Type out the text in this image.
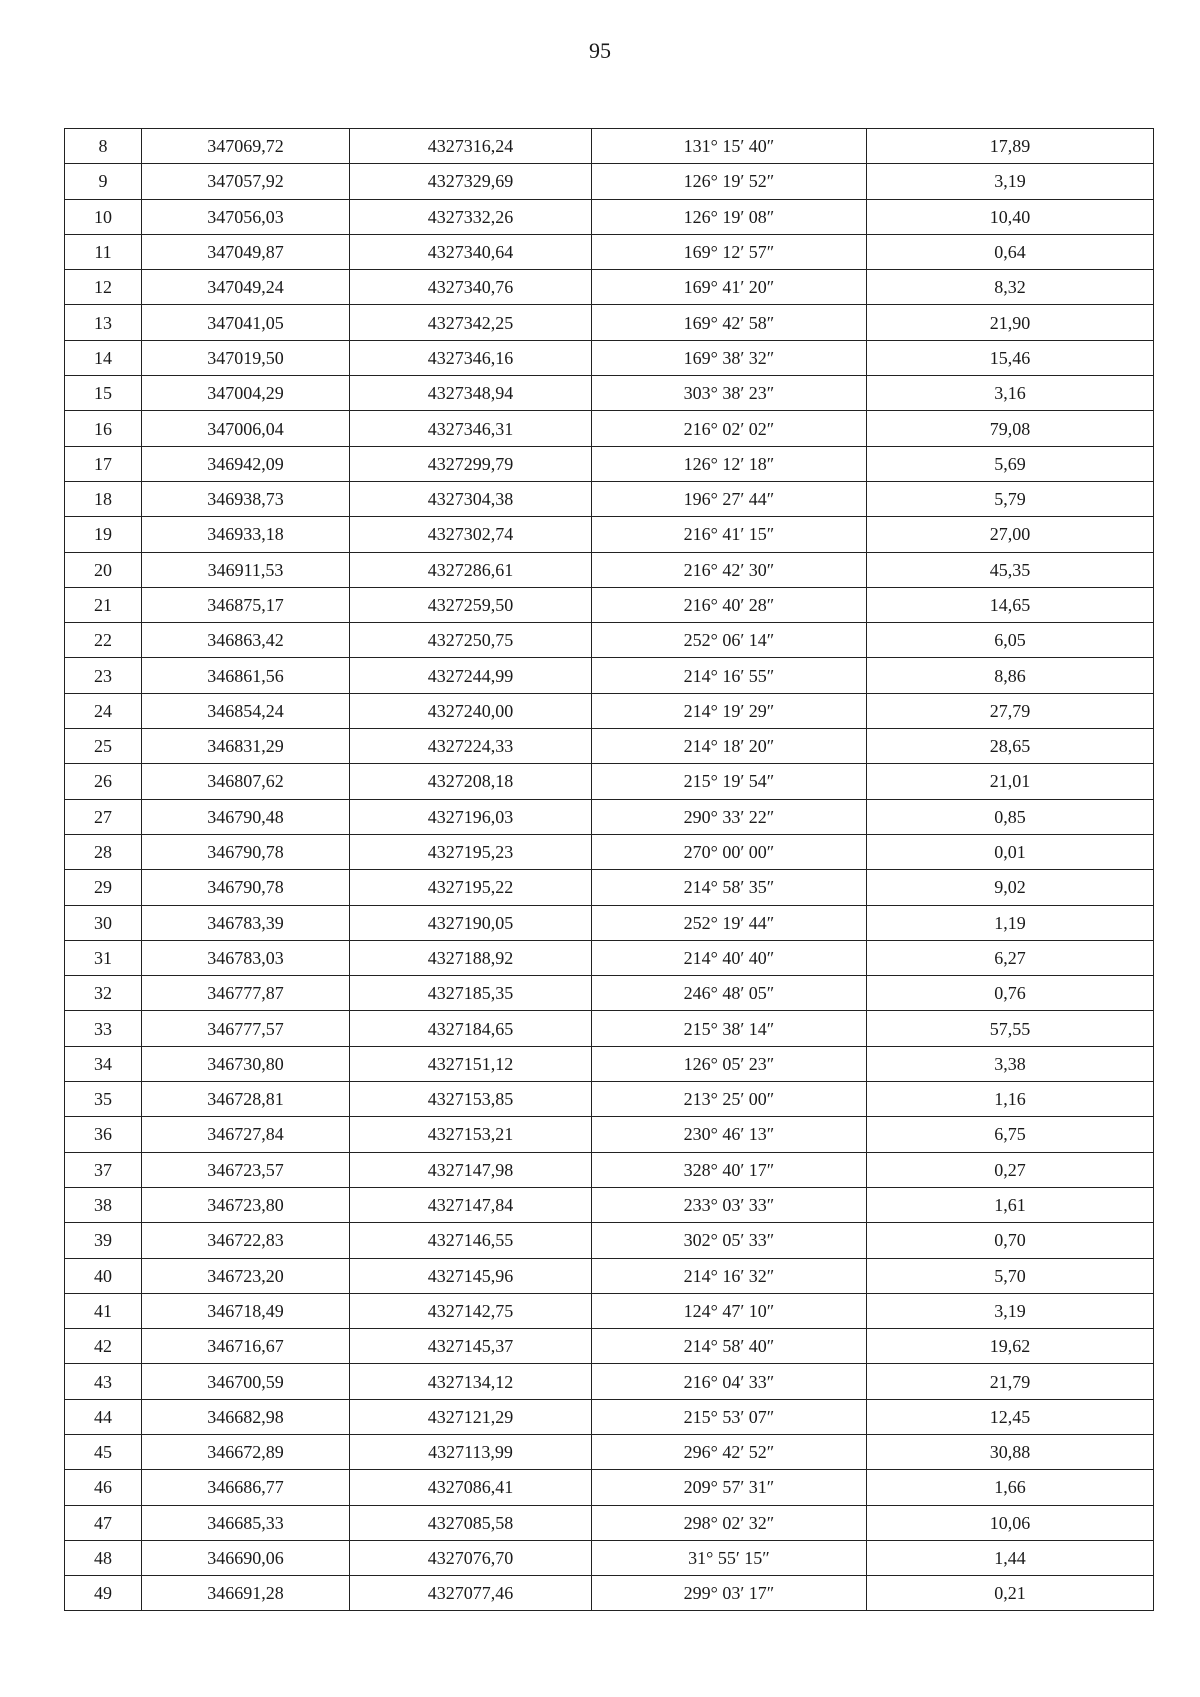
95
8	347069,72	4327316,24	131° 15′ 40″	17,89
9	347057,92	4327329,69	126° 19′ 52″	3,19
10	347056,03	4327332,26	126° 19′ 08″	10,40
11	347049,87	4327340,64	169° 12′ 57″	0,64
12	347049,24	4327340,76	169° 41′ 20″	8,32
13	347041,05	4327342,25	169° 42′ 58″	21,90
14	347019,50	4327346,16	169° 38′ 32″	15,46
15	347004,29	4327348,94	303° 38′ 23″	3,16
16	347006,04	4327346,31	216° 02′ 02″	79,08
17	346942,09	4327299,79	126° 12′ 18″	5,69
18	346938,73	4327304,38	196° 27′ 44″	5,79
19	346933,18	4327302,74	216° 41′ 15″	27,00
20	346911,53	4327286,61	216° 42′ 30″	45,35
21	346875,17	4327259,50	216° 40′ 28″	14,65
22	346863,42	4327250,75	252° 06′ 14″	6,05
23	346861,56	4327244,99	214° 16′ 55″	8,86
24	346854,24	4327240,00	214° 19′ 29″	27,79
25	346831,29	4327224,33	214° 18′ 20″	28,65
26	346807,62	4327208,18	215° 19′ 54″	21,01
27	346790,48	4327196,03	290° 33′ 22″	0,85
28	346790,78	4327195,23	270° 00′ 00″	0,01
29	346790,78	4327195,22	214° 58′ 35″	9,02
30	346783,39	4327190,05	252° 19′ 44″	1,19
31	346783,03	4327188,92	214° 40′ 40″	6,27
32	346777,87	4327185,35	246° 48′ 05″	0,76
33	346777,57	4327184,65	215° 38′ 14″	57,55
34	346730,80	4327151,12	126° 05′ 23″	3,38
35	346728,81	4327153,85	213° 25′ 00″	1,16
36	346727,84	4327153,21	230° 46′ 13″	6,75
37	346723,57	4327147,98	328° 40′ 17″	0,27
38	346723,80	4327147,84	233° 03′ 33″	1,61
39	346722,83	4327146,55	302° 05′ 33″	0,70
40	346723,20	4327145,96	214° 16′ 32″	5,70
41	346718,49	4327142,75	124° 47′ 10″	3,19
42	346716,67	4327145,37	214° 58′ 40″	19,62
43	346700,59	4327134,12	216° 04′ 33″	21,79
44	346682,98	4327121,29	215° 53′ 07″	12,45
45	346672,89	4327113,99	296° 42′ 52″	30,88
46	346686,77	4327086,41	209° 57′ 31″	1,66
47	346685,33	4327085,58	298° 02′ 32″	10,06
48	346690,06	4327076,70	31° 55′ 15″	1,44
49	346691,28	4327077,46	299° 03′ 17″	0,21
